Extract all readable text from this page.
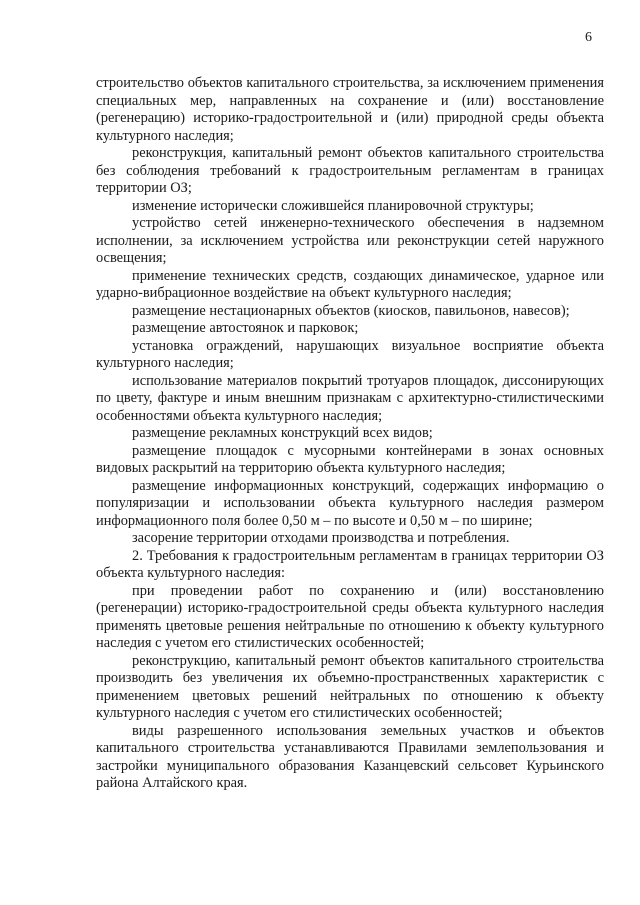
6

строительство объектов капитального строительства, за исключением применения специальных мер, направленных на сохранение и (или) восстановление (регенерацию) историко-градостроительной и (или) природной среды объекта культурного наследия;

реконструкция, капитальный ремонт объектов капитального строительства без соблюдения требований к градостроительным регламентам в границах территории ОЗ;

изменение исторически сложившейся планировочной структуры;

устройство сетей инженерно-технического обеспечения в надземном исполнении, за исключением устройства или реконструкции сетей наружного освещения;

применение технических средств, создающих динамическое, ударное или ударно-вибрационное воздействие на объект культурного наследия;

размещение нестационарных объектов (киосков, павильонов, навесов);

размещение автостоянок и парковок;

установка ограждений, нарушающих визуальное восприятие объекта культурного наследия;

использование материалов покрытий тротуаров площадок, диссонирующих по цвету, фактуре и иным внешним признакам с архитектурно-стилистическими особенностями объекта культурного наследия;

размещение рекламных конструкций всех видов;

размещение площадок с мусорными контейнерами в зонах основных видовых раскрытий на территорию объекта культурного наследия;

размещение информационных конструкций, содержащих информацию о популяризации и использовании объекта культурного наследия размером информационного поля более 0,50 м – по высоте и 0,50 м – по ширине;

засорение территории отходами производства и потребления.

2. Требования к градостроительным регламентам в границах территории ОЗ объекта культурного наследия:

при проведении работ по сохранению и (или) восстановлению (регенерации) историко-градостроительной среды объекта культурного наследия применять цветовые решения нейтральные по отношению к объекту культурного наследия с учетом его стилистических особенностей;

реконструкцию, капитальный ремонт объектов капитального строительства производить без увеличения их объемно-пространственных характеристик с применением цветовых решений нейтральных по отношению к объекту культурного наследия с учетом его стилистических особенностей;

виды разрешенного использования земельных участков и объектов капитального строительства устанавливаются Правилами землепользования и застройки муниципального образования Казанцевский сельсовет Курьинского района Алтайского края.
